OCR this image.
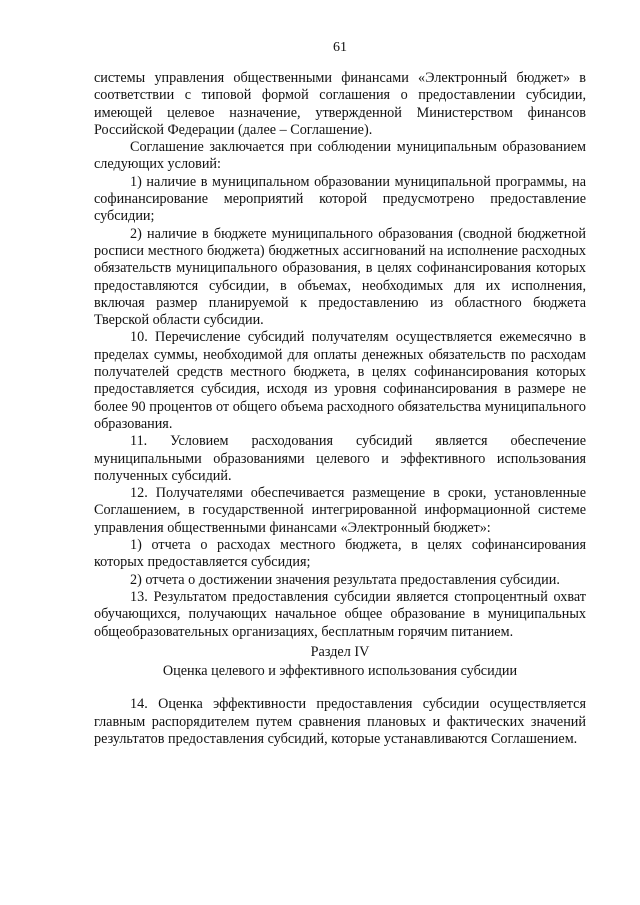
61

системы управления общественными финансами «Электронный бюджет» в соответствии с типовой формой соглашения о предоставлении субсидии, имеющей целевое назначение, утвержденной Министерством финансов Российской Федерации (далее – Соглашение).

Соглашение заключается при соблюдении муниципальным образованием следующих условий:

1) наличие в муниципальном образовании муниципальной программы, на софинансирование мероприятий которой предусмотрено предоставление субсидии;

2) наличие в бюджете муниципального образования (сводной бюджетной росписи местного бюджета) бюджетных ассигнований на исполнение расходных обязательств муниципального образования, в целях софинансирования которых предоставляются субсидии, в объемах, необходимых для их исполнения, включая размер планируемой к предоставлению из областного бюджета Тверской области субсидии.

10. Перечисление субсидий получателям осуществляется ежемесячно в пределах суммы, необходимой для оплаты денежных обязательств по расходам получателей средств местного бюджета, в целях софинансирования которых предоставляется субсидия, исходя из уровня софинансирования в размере не более 90 процентов от общего объема расходного обязательства муниципального образования.

11. Условием расходования субсидий является обеспечение муниципальными образованиями целевого и эффективного использования полученных субсидий.

12. Получателями обеспечивается размещение в сроки, установленные Соглашением, в государственной интегрированной информационной системе управления общественными финансами «Электронный бюджет»:

1) отчета о расходах местного бюджета, в целях софинансирования которых предоставляется субсидия;

2) отчета о достижении значения результата предоставления субсидии.

13. Результатом предоставления субсидии является стопроцентный охват обучающихся, получающих начальное общее образование в муниципальных общеобразовательных организациях, бесплатным горячим питанием.

Раздел IV

Оценка целевого и эффективного использования субсидии

14. Оценка эффективности предоставления субсидии осуществляется главным распорядителем путем сравнения плановых и фактических значений результатов предоставления субсидий, которые устанавливаются Соглашением.
